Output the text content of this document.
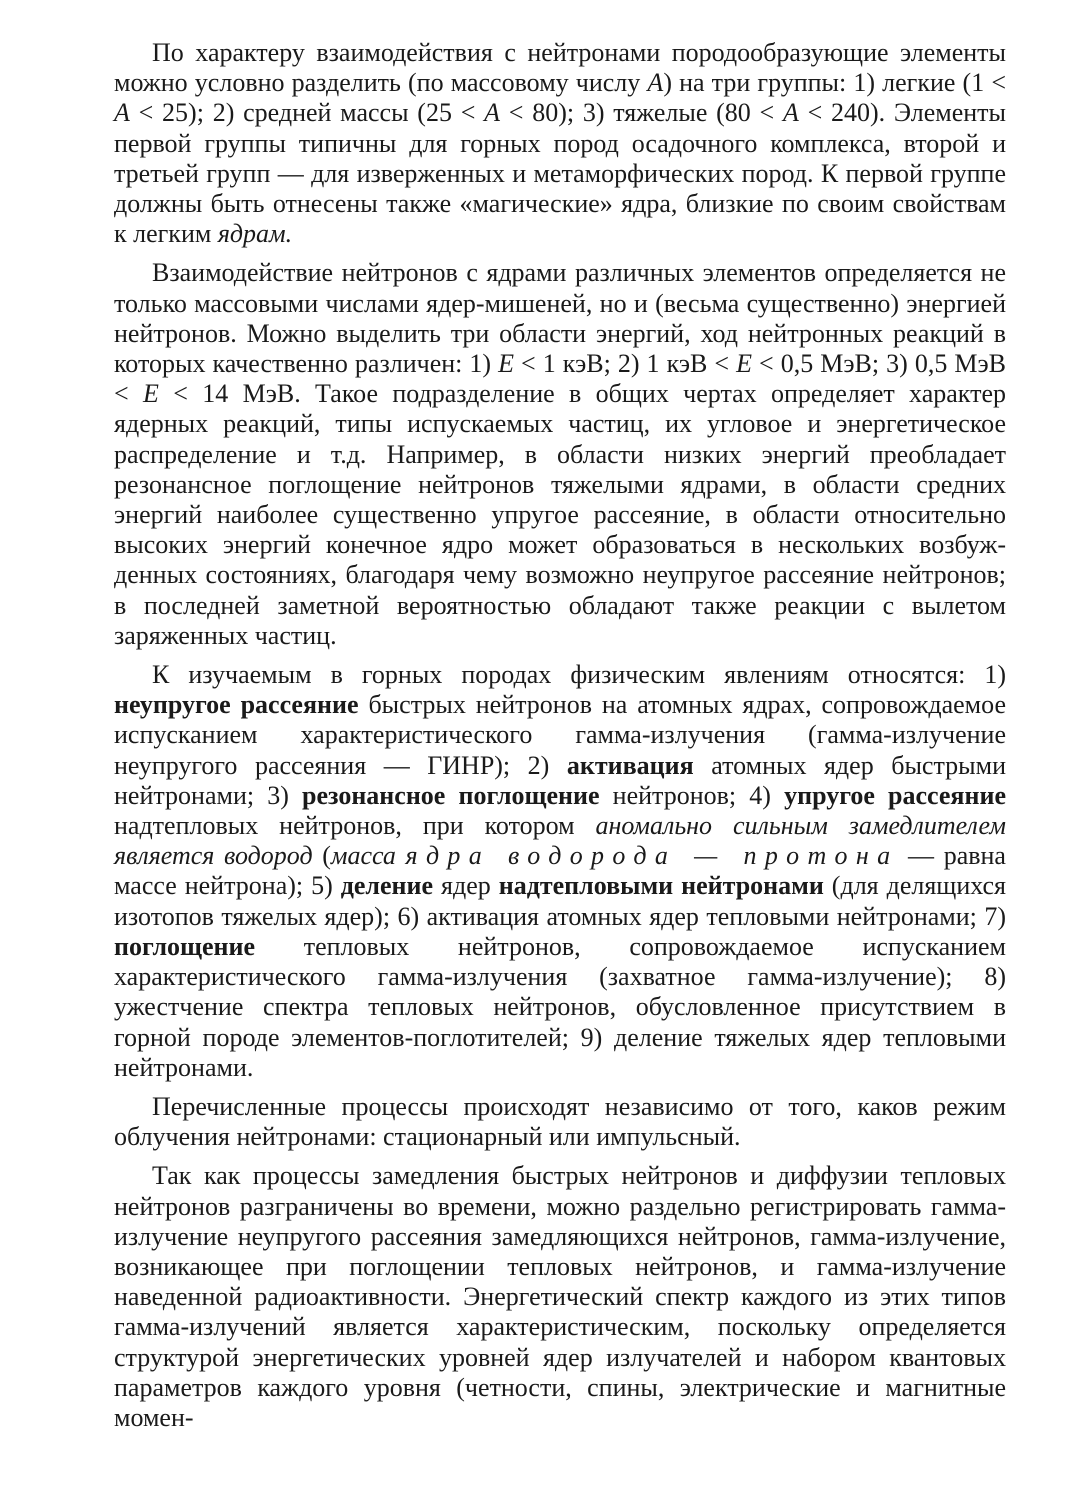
По характеру взаимодействия с нейтронами породообразующие элементы можно условно разделить (по массовому числу A) на три группы: 1) легкие (1 < A < 25); 2) средней массы (25 < A < 80); 3) тяжелые (80 < A < 240). Элементы первой группы типичны для горных пород осадочного комплекса, второй и третьей групп — для изверженных и метаморфических пород. К первой группе должны быть отнесены также «магические» ядра, близкие по своим свойствам к легким ядрам.

Взаимодействие нейтронов с ядрами различных элементов определяется не только массовыми числами ядер-мишеней, но и (весьма существенно) энергией нейтронов. Можно выделить три области энергий, ход нейтронных реакций в которых качественно различен: 1) E < 1 кэВ; 2) 1 кэВ < E < 0,5 МэВ; 3) 0,5 МэВ < E < 14 МэВ. Такое подразделение в общих чертах определяет характер ядерных реакций, типы испускаемых частиц, их угловое и энергетическое распределение и т.д. Например, в области низких энергий преобладает резонансное поглощение нейтронов тяжелыми ядрами, в области средних энергий наиболее существенно упругое рассеяние, в области относительно высоких энергий конечное ядро может образоваться в нескольких возбужденных состояниях, благодаря чему возможно неупругое рассеяние нейтронов; в последней заметной вероятностью обладают также реакции с вылетом заряженных частиц.

К изучаемым в горных породах физическим явлениям относятся: 1) неупругое рассеяние быстрых нейтронов на атомных ядрах, сопровождаемое испусканием характеристического гамма-излучения (гамма-излучение неупругого рассеяния — ГИНР); 2) активация атомных ядер быстрыми нейтронами; 3) резонансное поглощение нейтронов; 4) упругое рассеяние надтепловых нейтронов, при котором аномально сильным замедлителем является водород (масса ядра водорода — протона — равна массе нейтрона); 5) деление ядер надтепловыми нейтронами (для делящихся изотопов тяжелых ядер); 6) активация атомных ядер тепловыми нейтронами; 7) поглощение тепловых нейтронов, сопровождаемое испусканием характеристического гамма-излучения (захватное гамма-излучение); 8) ужестчение спектра тепловых нейтронов, обусловленное присутствием в горной породе элементов-поглотителей; 9) деление тяжелых ядер тепловыми нейтронами.

Перечисленные процессы происходят независимо от того, каков режим облучения нейтронами: стационарный или импульсный.

Так как процессы замедления быстрых нейтронов и диффузии тепловых нейтронов разграничены во времени, можно раздельно регистрировать гамма-излучение неупругого рассеяния замедляющихся нейтронов, гамма-излучение, возникающее при поглощении тепловых нейтронов, и гамма-излучение наведенной радиоактивности. Энергетический спектр каждого из этих типов гамма-излучений является характеристическим, поскольку определяется структурой энергетических уровней ядер излучателей и набором квантовых параметров каждого уровня (четности, спины, электрические и магнитные момен-
